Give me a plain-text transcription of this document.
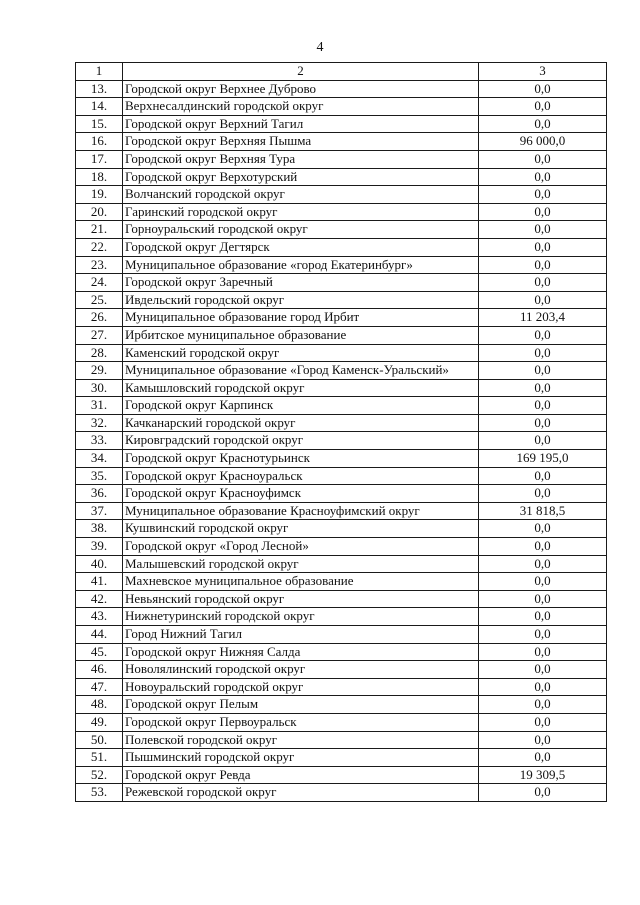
4
1	2	3
13.	Городской округ Верхнее Дуброво	0,0
14.	Верхнесалдинский городской округ	0,0
15.	Городской округ Верхний Тагил	0,0
16.	Городской округ Верхняя Пышма	96 000,0
17.	Городской округ Верхняя Тура	0,0
18.	Городской округ Верхотурский	0,0
19.	Волчанский городской округ	0,0
20.	Гаринский городской округ	0,0
21.	Горноуральский городской округ	0,0
22.	Городской округ Дегтярск	0,0
23.	Муниципальное образование «город Екатеринбург»	0,0
24.	Городской округ Заречный	0,0
25.	Ивдельский городской округ	0,0
26.	Муниципальное образование город Ирбит	11 203,4
27.	Ирбитское муниципальное образование	0,0
28.	Каменский городской округ	0,0
29.	Муниципальное образование «Город Каменск-Уральский»	0,0
30.	Камышловский городской округ	0,0
31.	Городской округ Карпинск	0,0
32.	Качканарский городской округ	0,0
33.	Кировградский городской округ	0,0
34.	Городской округ Краснотурьинск	169 195,0
35.	Городской округ Красноуральск	0,0
36.	Городской округ Красноуфимск	0,0
37.	Муниципальное образование Красноуфимский округ	31 818,5
38.	Кушвинский городской округ	0,0
39.	Городской округ «Город Лесной»	0,0
40.	Малышевский городской округ	0,0
41.	Махневское муниципальное образование	0,0
42.	Невьянский городской округ	0,0
43.	Нижнетуринский городской округ	0,0
44.	Город Нижний Тагил	0,0
45.	Городской округ Нижняя Салда	0,0
46.	Новолялинский городской округ	0,0
47.	Новоуральский городской округ	0,0
48.	Городской округ Пелым	0,0
49.	Городской округ Первоуральск	0,0
50.	Полевской городской округ	0,0
51.	Пышминский городской округ	0,0
52.	Городской округ Ревда	19 309,5
53.	Режевской городской округ	0,0
